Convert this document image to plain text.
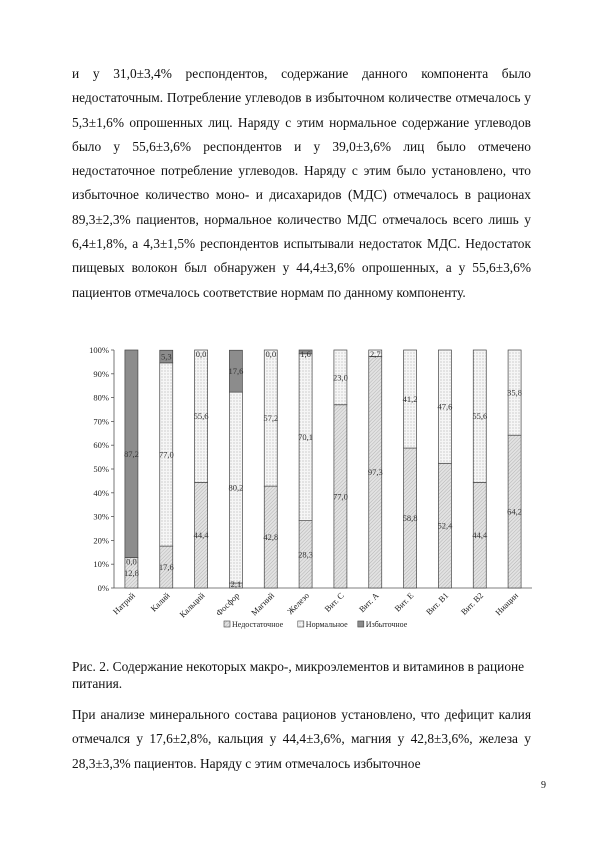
и у 31,0±3,4% респондентов, содержание данного компонента было недостаточным. Потребление углеводов в избыточном количестве отмечалось у 5,3±1,6% опрошенных лиц. Наряду с этим нормальное содержание углеводов было у 55,6±3,6% респондентов и у 39,0±3,6% лиц было отмечено недостаточное потребление углеводов. Наряду с этим было установлено, что избыточное количество моно- и дисахаридов (МДС) отмечалось в рационах 89,3±2,3% пациентов, нормальное количество МДС отмечалось всего лишь у 6,4±1,8%, а 4,3±1,5% респондентов испытывали недостаток МДС. Недостаток пищевых волокон был обнаружен у 44,4±3,6% опрошенных, а у 55,6±3,6% пациентов отмечалось соответствие нормам по данному компоненту.

0%
10%
20%
30%
40%
50%
60%
70%
80%
90%
100%
Натрий Калий Кальций Фосфор Магний Железо Вит. С Вит. А Вит. Е Вит. В1 Вит. В2 Ниацин
12,8
0,0
87,2
17,6
77,0
5,3
44,4
55,6
0,0
2,1
80,2
17,6
42,8
57,2
0,0
28,3
70,1
1,6
77,0
23,0
97,3
2,7
58,8
41,2
52,4
47,6
44,4
55,6
64,2
35,8
Недостаточное	Нормальное Избыточное

Рис. 2. Содержание некоторых макро-, микроэлементов и витаминов в рационе питания.

При анализе минерального состава рационов установлено, что дефицит калия отмечался у 17,6±2,8%, кальция у 44,4±3,6%, магния у 42,8±3,6%, железа у 28,3±3,3% пациентов. Наряду с этим отмечалось избыточное

9
